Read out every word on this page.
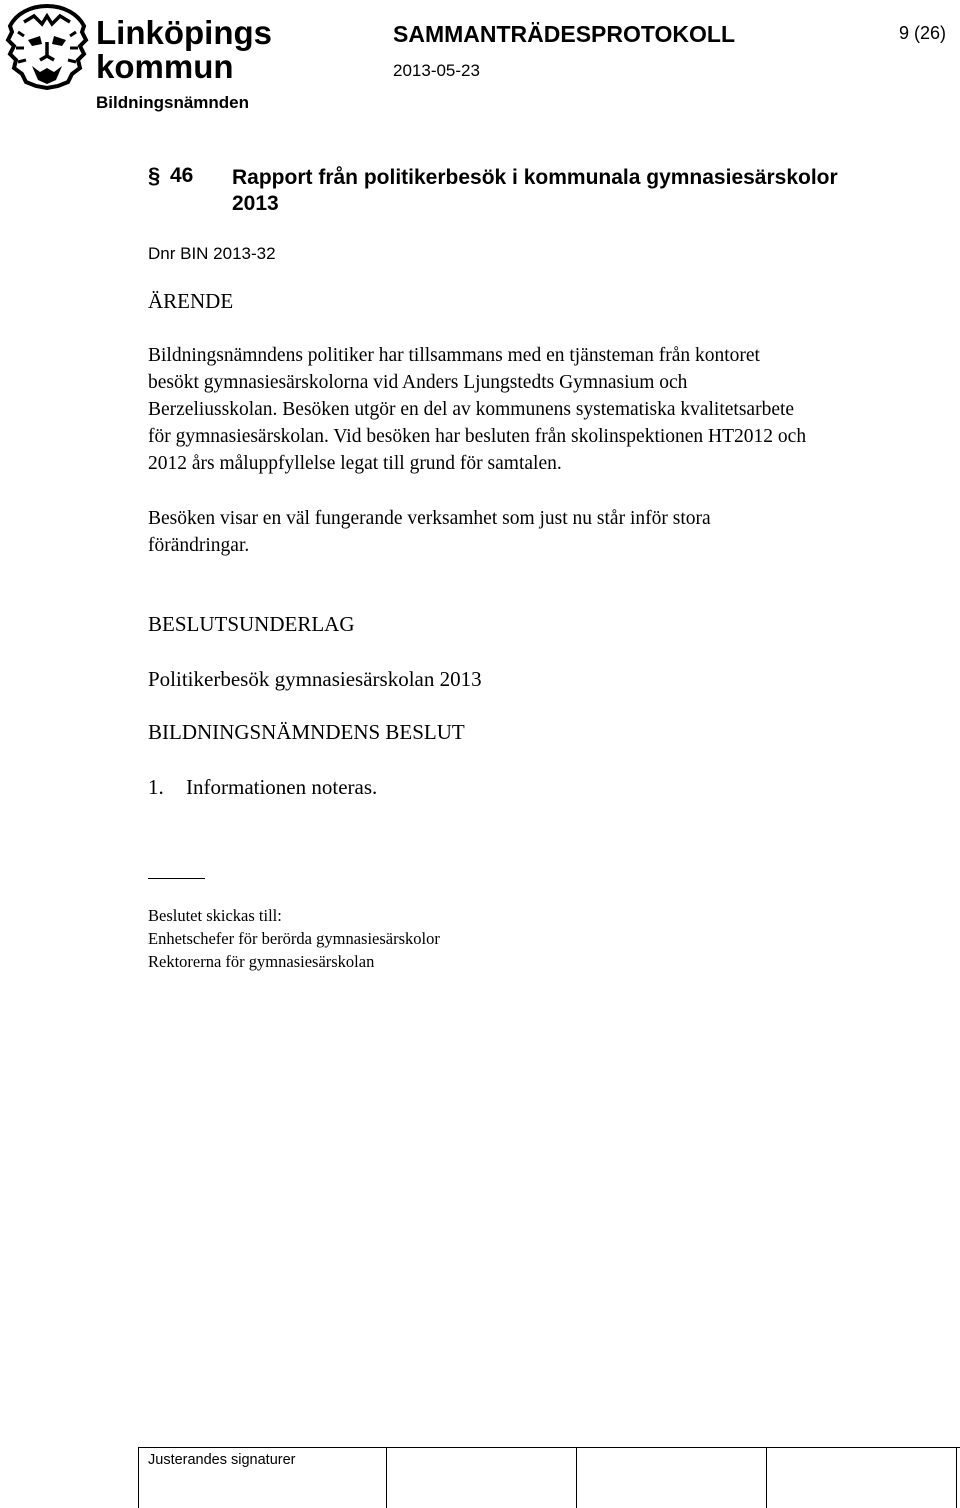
Linköpings
kommun
Bildningsnämnden
SAMMANTRÄDESPROTOKOLL
2013-05-23
9 (26)
§ 46 Rapport från politikerbesök i kommunala gymnasiesärskolor
2013
Dnr BIN 2013-32
ÄRENDE
Bildningsnämndens politiker har tillsammans med en tjänsteman från kontoret
besökt gymnasiesärskolorna vid Anders Ljungstedts Gymnasium och
Berzeliusskolan. Besöken utgör en del av kommunens systematiska kvalitetsarbete
för gymnasiesärskolan. Vid besöken har besluten från skolinspektionen HT2012 och
2012 års måluppfyllelse legat till grund för samtalen.
Besöken visar en väl fungerande verksamhet som just nu står inför stora
förändringar.
BESLUTSUNDERLAG
Politikerbesök gymnasiesärskolan 2013
BILDNINGSNÄMNDENS BESLUT
1. Informationen noteras.
Beslutet skickas till:
Enhetschefer för berörda gymnasiesärskolor
Rektorerna för gymnasiesärskolan
Justerandes signaturer
